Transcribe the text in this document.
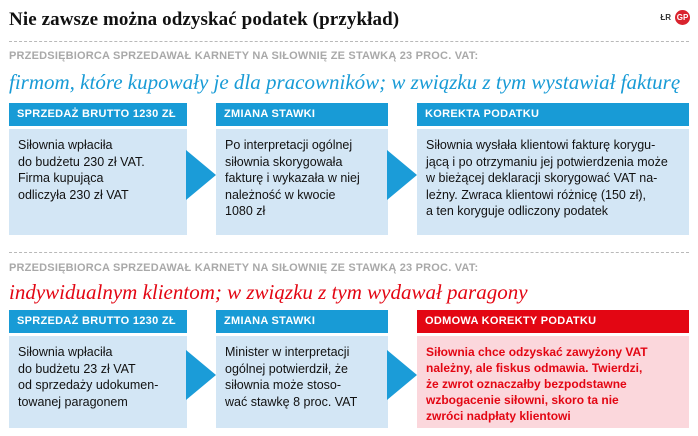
Nie zawsze można odzyskać podatek (przykład)	ŁR GP
PRZEDSIĘBIORCA SPRZEDAWAŁ KARNETY NA SIŁOWNIĘ ZE STAWKĄ 23 PROC. VAT:
firmom, które kupowały je dla pracowników; w związku z tym wystawiał fakturę
SPRZEDAŻ BRUTTO 1230 ZŁ
Siłownia wpłaciła
do budżetu 230 zł VAT.
Firma kupująca
odliczyła 230 zł VAT
ZMIANA STAWKI
Po interpretacji ogólnej
siłownia skorygowała
fakturę i wykazała w niej
należność w kwocie
1080 zł
KOREKTA PODATKU
Siłownia wysłała klientowi fakturę korygu-
jącą i po otrzymaniu jej potwierdzenia może
w bieżącej deklaracji skorygować VAT na-
leżny. Zwraca klientowi różnicę (150 zł),
a ten koryguje odliczony podatek
PRZEDSIĘBIORCA SPRZEDAWAŁ KARNETY NA SIŁOWNIĘ ZE STAWKĄ 23 PROC. VAT:
indywidualnym klientom; w związku z tym wydawał paragony
SPRZEDAŻ BRUTTO 1230 ZŁ
Siłownia wpłaciła
do budżetu 23 zł VAT
od sprzedaży udokumen-
towanej paragonem
ZMIANA STAWKI
Minister w interpretacji
ogólnej potwierdził, że
siłownia może stoso-
wać stawkę 8 proc. VAT
ODMOWA KOREKTY PODATKU
Siłownia chce odzyskać zawyżony VAT
należny, ale fiskus odmawia. Twierdzi,
że zwrot oznaczałby bezpodstawne
wzbogacenie siłowni, skoro ta nie
zwróci nadpłaty klientowi
